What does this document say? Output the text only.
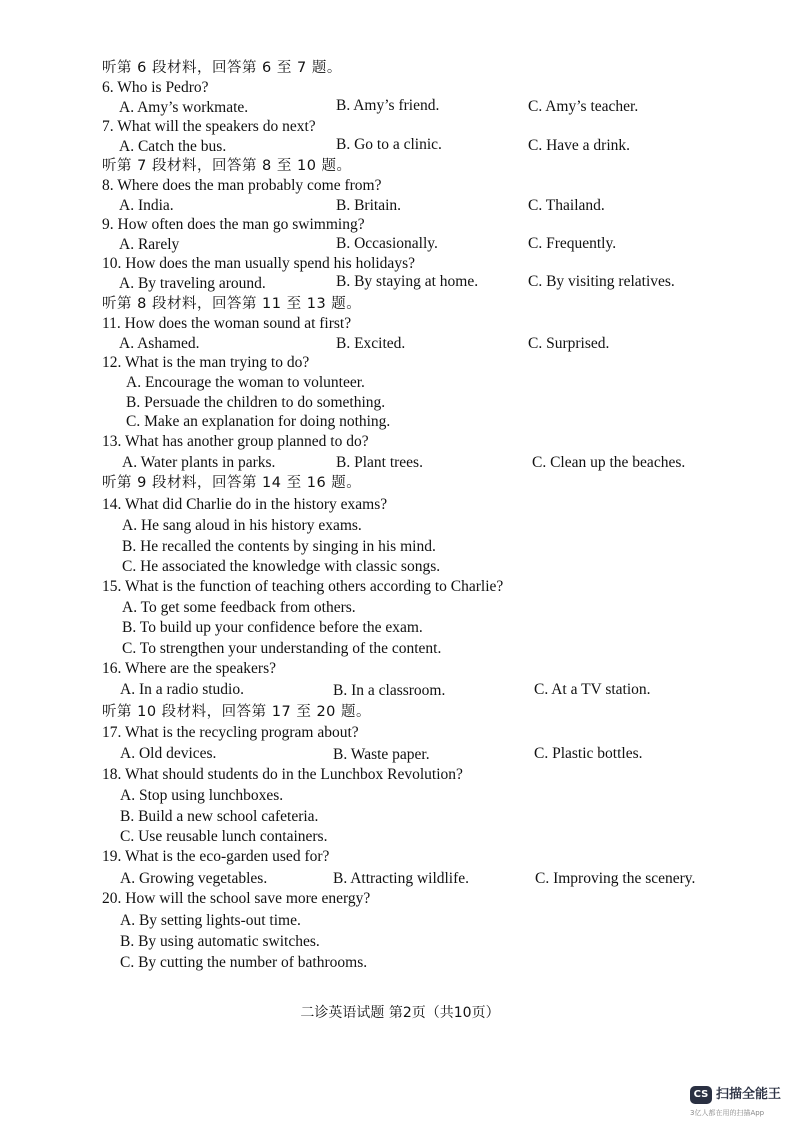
听第 6 段材料，回答第 6 至 7 题。
6. Who is Pedro?
A. Amy’s workmate.	B. Amy’s friend.	C. Amy’s teacher.
7. What will the speakers do next?
A. Catch the bus.	B. Go to a clinic.	C. Have a drink.
听第 7 段材料，回答第 8 至 10 题。
8. Where does the man probably come from?
A. India.	B. Britain.	C. Thailand.
9. How often does the man go swimming?
A. Rarely	B. Occasionally.	C. Frequently.
10. How does the man usually spend his holidays?
A. By traveling around.	B. By staying at home.	C. By visiting relatives.
听第 8 段材料，回答第 11 至 13 题。
11. How does the woman sound at first?
A. Ashamed.	B. Excited.	C. Surprised.
12. What is the man trying to do?
A. Encourage the woman to volunteer.
B. Persuade the children to do something.
C. Make an explanation for doing nothing.
13. What has another group planned to do?
A. Water plants in parks.	B. Plant trees.	C. Clean up the beaches.
听第 9 段材料，回答第 14 至 16 题。
14. What did Charlie do in the history exams?
A. He sang aloud in his history exams.
B. He recalled the contents by singing in his mind.
C. He associated the knowledge with classic songs.
15. What is the function of teaching others according to Charlie?
A. To get some feedback from others.
B. To build up your confidence before the exam.
C. To strengthen your understanding of the content.
16. Where are the speakers?
A. In a radio studio.	B. In a classroom.	C. At a TV station.
听第 10 段材料，回答第 17 至 20 题。
17. What is the recycling program about?
A. Old devices.	B. Waste paper.	C. Plastic bottles.
18. What should students do in the Lunchbox Revolution?
A. Stop using lunchboxes.
B. Build a new school cafeteria.
C. Use reusable lunch containers.
19. What is the eco-garden used for?
A. Growing vegetables.	B. Attracting wildlife.	C. Improving the scenery.
20. How will the school save more energy?
A. By setting lights-out time.
B. By using automatic switches.
C. By cutting the number of bathrooms.
二诊英语试题 第2页（共10页）
CS 扫描全能王
3亿人都在用的扫描App
